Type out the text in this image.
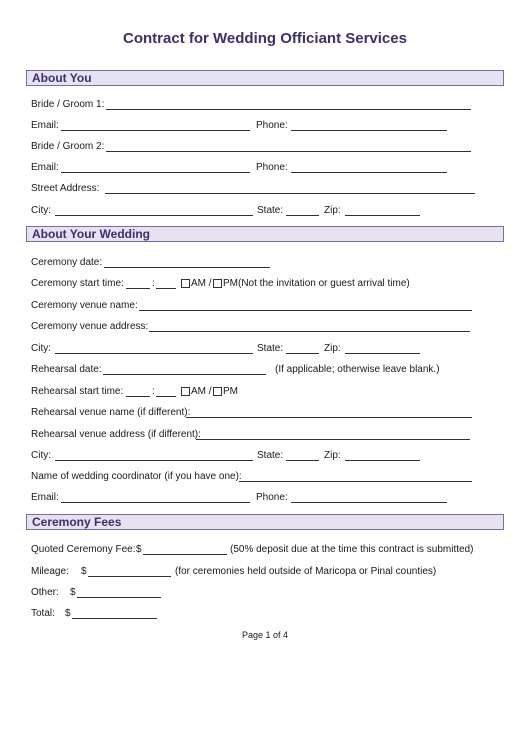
Contract for Wedding Officiant Services
About You
Bride / Groom 1:
Email:	Phone:
Bride / Groom 2:
Email:	Phone:
Street Address:
City:	State:	Zip:
About Your Wedding
Ceremony date:
Ceremony start time:	:	AM / PM(Not the invitation or guest arrival time)
Ceremony venue name:
Ceremony venue address:
City:	State:	Zip:
Rehearsal date:	(If applicable; otherwise leave blank.)
Rehearsal start time:	:	AM / PM
Rehearsal venue name (if different):
Rehearsal venue address (if different):
City:	State:	Zip:
Name of wedding coordinator (if you have one):
Email:	Phone:
Ceremony Fees
Quoted Ceremony Fee: $	(50% deposit due at the time this contract is submitted)
Mileage: $	(for ceremonies held outside of Maricopa or Pinal counties)
Other: $
Total: $
Page 1 of 4
